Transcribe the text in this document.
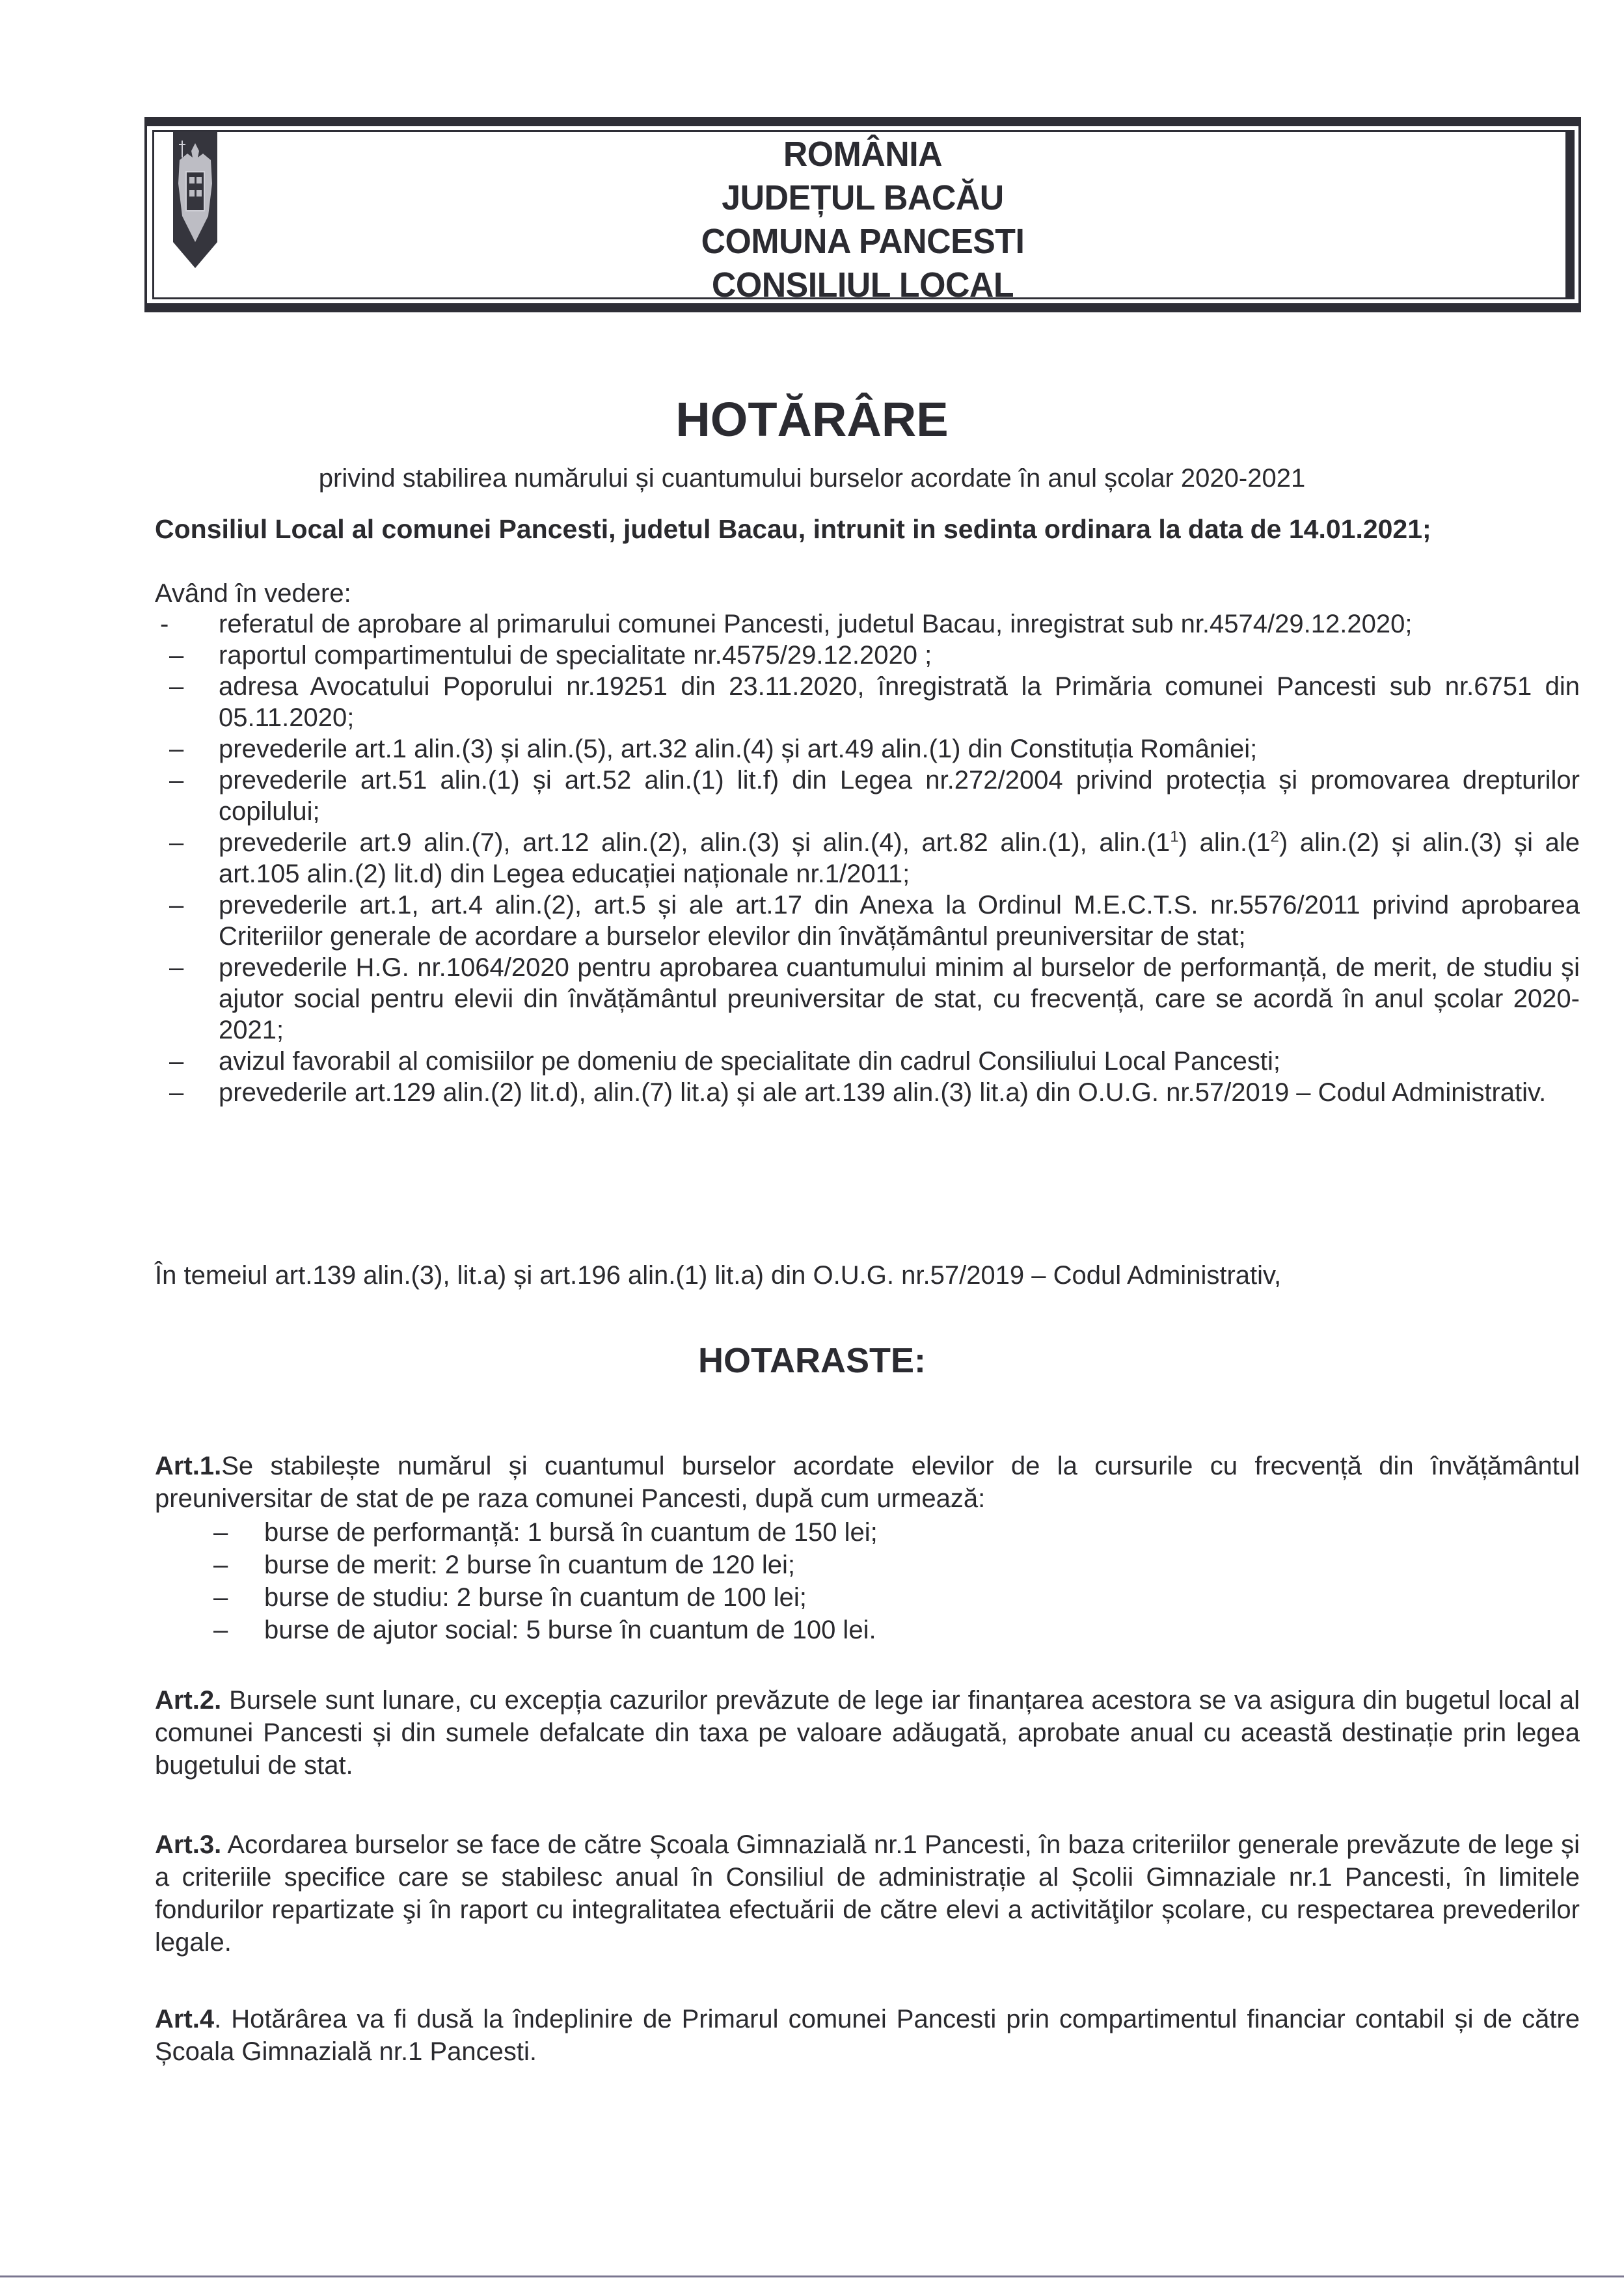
ROMÂNIA
JUDEȚUL BACĂU
COMUNA PANCESTI
CONSILIUL LOCAL
HOTĂRÂRE
privind stabilirea numărului și cuantumului burselor acordate în anul școlar 2020-2021
Consiliul Local al comunei Pancesti, judetul Bacau, intrunit in sedinta ordinara la data de 14.01.2021;
Având în vedere:
- referatul de aprobare al primarului comunei Pancesti, judetul Bacau, inregistrat sub nr.4574/29.12.2020;
– raportul compartimentului de specialitate nr.4575/29.12.2020 ;
– adresa Avocatului Poporului nr.19251 din 23.11.2020, înregistrată la Primăria comunei Pancesti sub nr.6751 din 05.11.2020;
– prevederile art.1 alin.(3) și alin.(5), art.32 alin.(4) și art.49 alin.(1) din Constituția României;
– prevederile art.51 alin.(1) și art.52 alin.(1) lit.f) din Legea nr.272/2004 privind protecția și promovarea drepturilor copilului;
– prevederile art.9 alin.(7), art.12 alin.(2), alin.(3) și alin.(4), art.82 alin.(1), $alin.(1^1)$ $alin.(1^2)$ alin.(2) și alin.(3) și ale art.105 alin.(2) lit.d) din Legea educației naționale nr.1/2011;
– prevederile art.1, art.4 alin.(2), art.5 și ale art.17 din Anexa la Ordinul M.E.C.T.S. nr.5576/2011 privind aprobarea Criteriilor generale de acordare a burselor elevilor din învățământul preuniversitar de stat;
– prevederile H.G. nr.1064/2020 pentru aprobarea cuantumului minim al burselor de performanță, de merit, de studiu și ajutor social pentru elevii din învățământul preuniversitar de stat, cu frecvență, care se acordă în anul școlar 2020-2021;
– avizul favorabil al comisiilor pe domeniu de specialitate din cadrul Consiliului Local Pancesti;
– prevederile art.129 alin.(2) lit.d), alin.(7) lit.a) și ale art.139 alin.(3) lit.a) din O.U.G. nr.57/2019 – Codul Administrativ.
În temeiul art.139 alin.(3), lit.a) și art.196 alin.(1) lit.a) din O.U.G. nr.57/2019 – Codul Administrativ,
HOTARASTE:
Art.1.Se stabilește numărul și cuantumul burselor acordate elevilor de la cursurile cu frecvență din învățământul preuniversitar de stat de pe raza comunei Pancesti, după cum urmează:
– burse de performanță: 1 bursă în cuantum de 150 lei;
– burse de merit: 2 burse în cuantum de 120 lei;
– burse de studiu: 2 burse în cuantum de 100 lei;
– burse de ajutor social: 5 burse în cuantum de 100 lei.
Art.2. Bursele sunt lunare, cu excepția cazurilor prevăzute de lege iar finanțarea acestora se va asigura din bugetul local al comunei Pancesti și din sumele defalcate din taxa pe valoare adăugată, aprobate anual cu această destinație prin legea bugetului de stat.
Art.3. Acordarea burselor se face de către Școala Gimnazială nr.1 Pancesti, în baza criteriilor generale prevăzute de lege și a criteriile specifice care se stabilesc anual în Consiliul de administrație al Școlii Gimnaziale nr.1 Pancesti, în limitele fondurilor repartizate şi în raport cu integralitatea efectuării de către elevi a activităţilor școlare, cu respectarea prevederilor legale.
Art.4. Hotărârea va fi dusă la îndeplinire de Primarul comunei Pancesti prin compartimentul financiar contabil și de către Școala Gimnazială nr.1 Pancesti.
